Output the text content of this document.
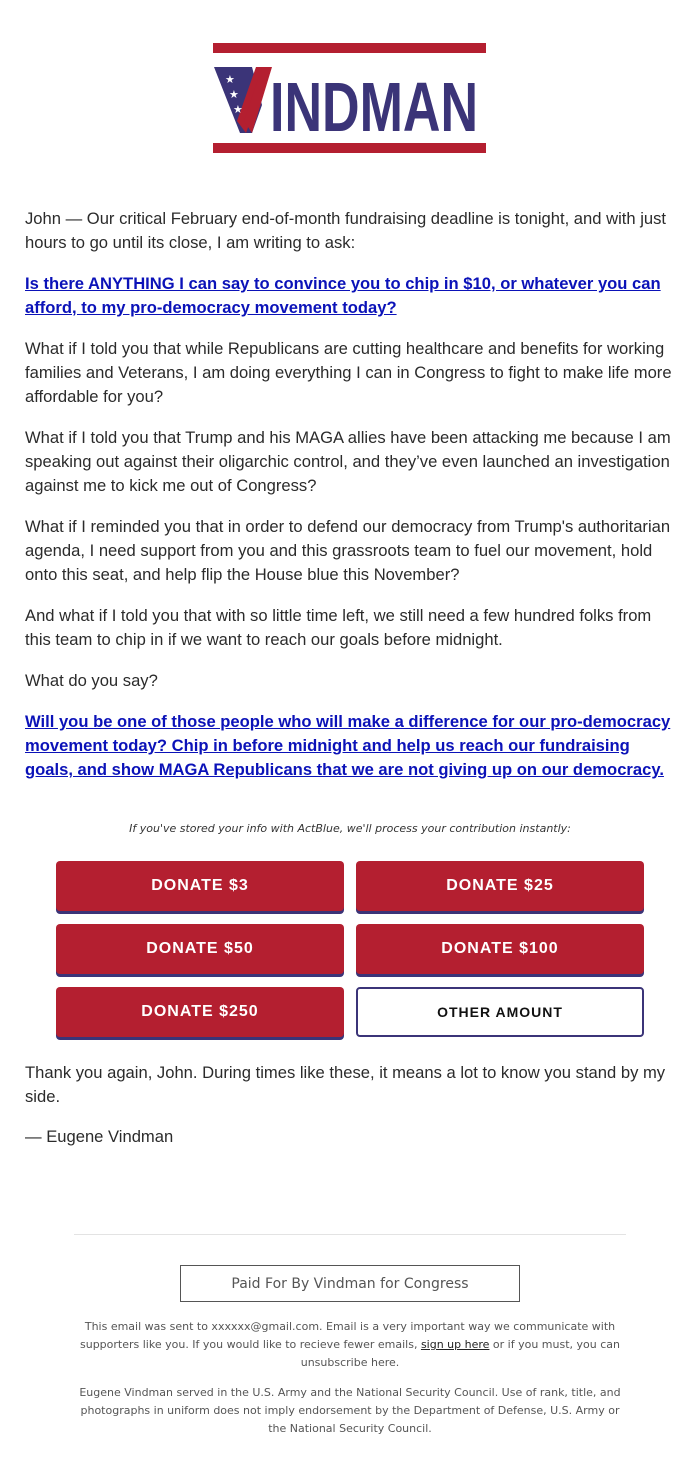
★
★
★ INDMAN

John — Our critical February end-of-month fundraising deadline is tonight, and with just hours to go until its close, I am writing to ask:

Is there ANYTHING I can say to convince you to chip in $10, or whatever you can afford, to my pro-democracy movement today?

What if I told you that while Republicans are cutting healthcare and benefits for working families and Veterans, I am doing everything I can in Congress to fight to make life more affordable for you?

What if I told you that Trump and his MAGA allies have been attacking me because I am speaking out against their oligarchic control, and they’ve even launched an investigation against me to kick me out of Congress?

What if I reminded you that in order to defend our democracy from Trump's authoritarian agenda, I need support from you and this grassroots team to fuel our movement, hold onto this seat, and help flip the House blue this November?

And what if I told you that with so little time left, we still need a few hundred folks from this team to chip in if we want to reach our goals before midnight.

What do you say?

Will you be one of those people who will make a difference for our pro-democracy movement today? Chip in before midnight and help us reach our fundraising goals, and show MAGA Republicans that we are not giving up on our democracy.

If you've stored your info with ActBlue, we'll process your contribution instantly:
DONATE $3	DONATE $25
DONATE $50	DONATE $100
DONATE $250	OTHER AMOUNT

Thank you again, John. During times like these, it means a lot to know you stand by my side.

— Eugene Vindman

Paid For By Vindman for Congress
This email was sent to xxxxxx@gmail.com. Email is a very important way we communicate with supporters like you. If you would like to recieve fewer emails, sign up here or if you must, you can unsubscribe here.
Eugene Vindman served in the U.S. Army and the National Security Council. Use of rank, title, and photographs in uniform does not imply endorsement by the Department of Defense, U.S. Army or the National Security Council.
